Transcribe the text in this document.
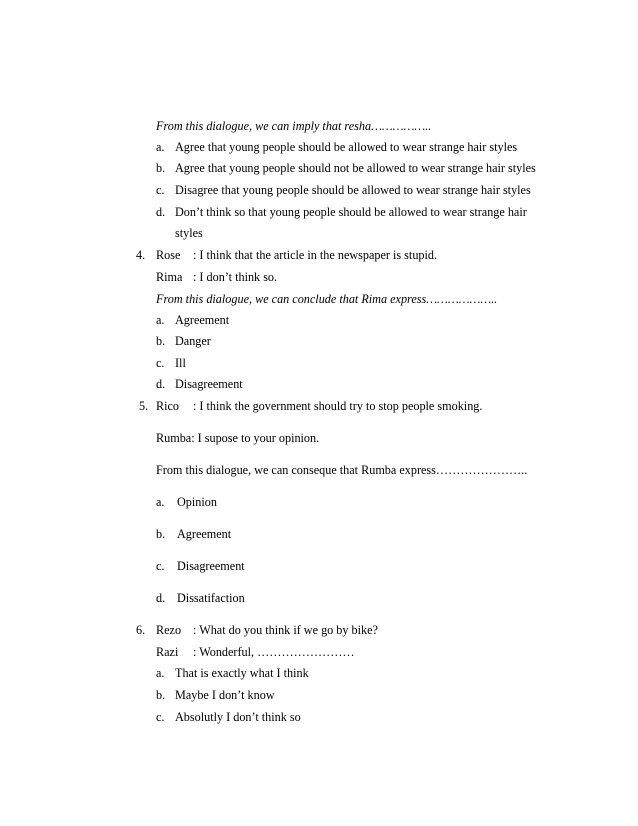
From this dialogue, we can imply that resha……………..
a. Agree that young people should be allowed to wear strange hair styles
b. Agree that young people should not be allowed to wear strange hair styles
c. Disagree that young people should be allowed to wear strange hair styles
d. Don’t think so that young people should be allowed to wear strange hair
styles
4. Rose : I think that the article in the newspaper is stupid.
Rima : I don’t think so.
From this dialogue, we can conclude that Rima express………………..
a. Agreement
b. Danger
c. Ill
d. Disagreement
5. Rico : I think the government should try to stop people smoking.
Rumba: I supose to your opinion.
From this dialogue, we can conseque that Rumba express…………………..
a. Opinion
b. Agreement
c. Disagreement
d. Dissatifaction
6. Rezo : What do you think if we go by bike?
Razi : Wonderful, ……………………
a. That is exactly what I think
b. Maybe I don’t know
c. Absolutly I don’t think so
